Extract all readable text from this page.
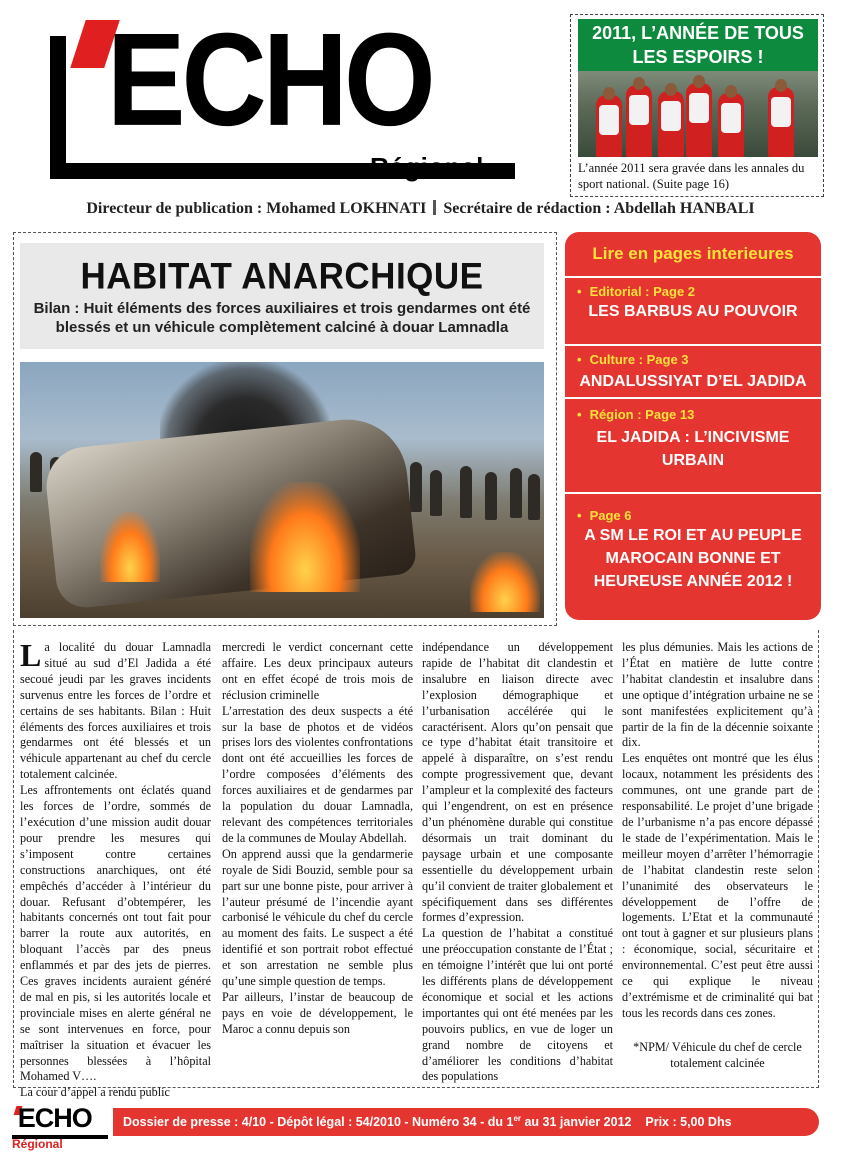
ECHO
Régional
2011, L’ANNÉE DE TOUS LES ESPOIRS !
L’année 2011 sera gravée dans les annales du sport national. (Suite page 16)
Directeur de publication : Mohamed LOKHNATI Secrétaire de rédaction : Abdellah HANBALI
HABITAT ANARCHIQUE
Bilan : Huit éléments des forces auxiliaires et trois gendarmes ont été blessés et un véhicule complètement calciné à douar Lamnadla
Lire en pages interieures
• Editorial : Page 2
LES BARBUS AU POUVOIR
• Culture : Page 3
ANDALUSSIYAT D’EL JADIDA
• Région : Page 13
EL JADIDA : L’INCIVISME URBAIN
• Page 6
A SM LE ROI ET AU PEUPLE MAROCAIN BONNE ET HEUREUSE ANNÉE 2012 !

La localité du douar Lamnadla situé au sud d’El Jadida a été secoué jeudi par les graves incidents survenus entre les forces de l’ordre et certains de ses habitants. Bilan : Huit éléments des forces auxiliaires et trois gendarmes ont été blessés et un véhicule appartenant au chef du cercle totalement calcinée.

Les affrontements ont éclatés quand les forces de l’ordre, sommés de l’exécution d’une mission audit douar pour prendre les mesures qui s’imposent contre certaines constructions anarchiques, ont été empêchés d’accéder à l’intérieur du douar. Refusant d’obtempérer, les habitants concernés ont tout fait pour barrer la route aux autorités, en bloquant l’accès par des pneus enflammés et par des jets de pierres. Ces graves incidents auraient généré de mal en pis, si les autorités locale et provinciale mises en alerte général ne se sont intervenues en force, pour maîtriser la situation et évacuer les personnes blessées à l’hôpital Mohamed V….

La cour d’appel a rendu public

mercredi le verdict concernant cette affaire. Les deux principaux auteurs ont en effet écopé de trois mois de réclusion criminelle

L’arrestation des deux suspects a été sur la base de photos et de vidéos prises lors des violentes confrontations dont ont été accueillies les forces de l’ordre composées d’éléments des forces auxiliaires et de gendarmes par la population du douar Lamnadla, relevant des compétences territoriales de la communes de Moulay Abdellah.

On apprend aussi que la gendarmerie royale de Sidi Bouzid, semble pour sa part sur une bonne piste, pour arriver à l’auteur présumé de l’incendie ayant carbonisé le véhicule du chef du cercle au moment des faits. Le suspect a été identifié et son portrait robot effectué et son arrestation ne semble plus qu’une simple question de temps.

Par ailleurs, l’instar de beaucoup de pays en voie de développement, le Maroc a connu depuis son

indépendance un développement rapide de l’habitat dit clandestin et insalubre en liaison directe avec l’explosion démographique et l’urbanisation accélérée qui le caractérisent. Alors qu’on pensait que ce type d’habitat était transitoire et appelé à disparaître, on s’est rendu compte progressivement que, devant l’ampleur et la complexité des facteurs qui l’engendrent, on est en présence d’un phénomène durable qui constitue désormais un trait dominant du paysage urbain et une composante essentielle du développement urbain qu’il convient de traiter globalement et spécifiquement dans ses différentes formes d’expression.

La question de l’habitat a constitué une préoccupation constante de l’État ; en témoigne l’intérêt que lui ont porté les différents plans de développement économique et social et les actions importantes qui ont été menées par les pouvoirs publics, en vue de loger un grand nombre de citoyens et d’améliorer les conditions d’habitat des populations

les plus démunies. Mais les actions de l’État en matière de lutte contre l’habitat clandestin et insalubre dans une optique d’intégration urbaine ne se sont manifestées explicitement qu’à partir de la fin de la décennie soixante dix.

Les enquêtes ont montré que les élus locaux, notamment les présidents des communes, ont une grande part de responsabilité. Le projet d’une brigade de l’urbanisme n’a pas encore dépassé le stade de l’expérimentation. Mais le meilleur moyen d’arrêter l’hémorragie de l’habitat clandestin reste selon l’unanimité des observateurs le développement de l’offre de logements. L’Etat et la communauté ont tout à gagner et sur plusieurs plans : économique, social, sécuritaire et environnemental. C’est peut être aussi ce qui explique le niveau d’extrémisme et de criminalité qui bat tous les records dans ces zones.

*NPM/ Véhicule du chef de cercle totalement calcinée

ECHO
Régional
Dossier de presse : 4/10 - Dépôt légal : 54/2010 - Numéro 34 - du 1er au 31 janvier 2012    Prix : 5,00 Dhs
